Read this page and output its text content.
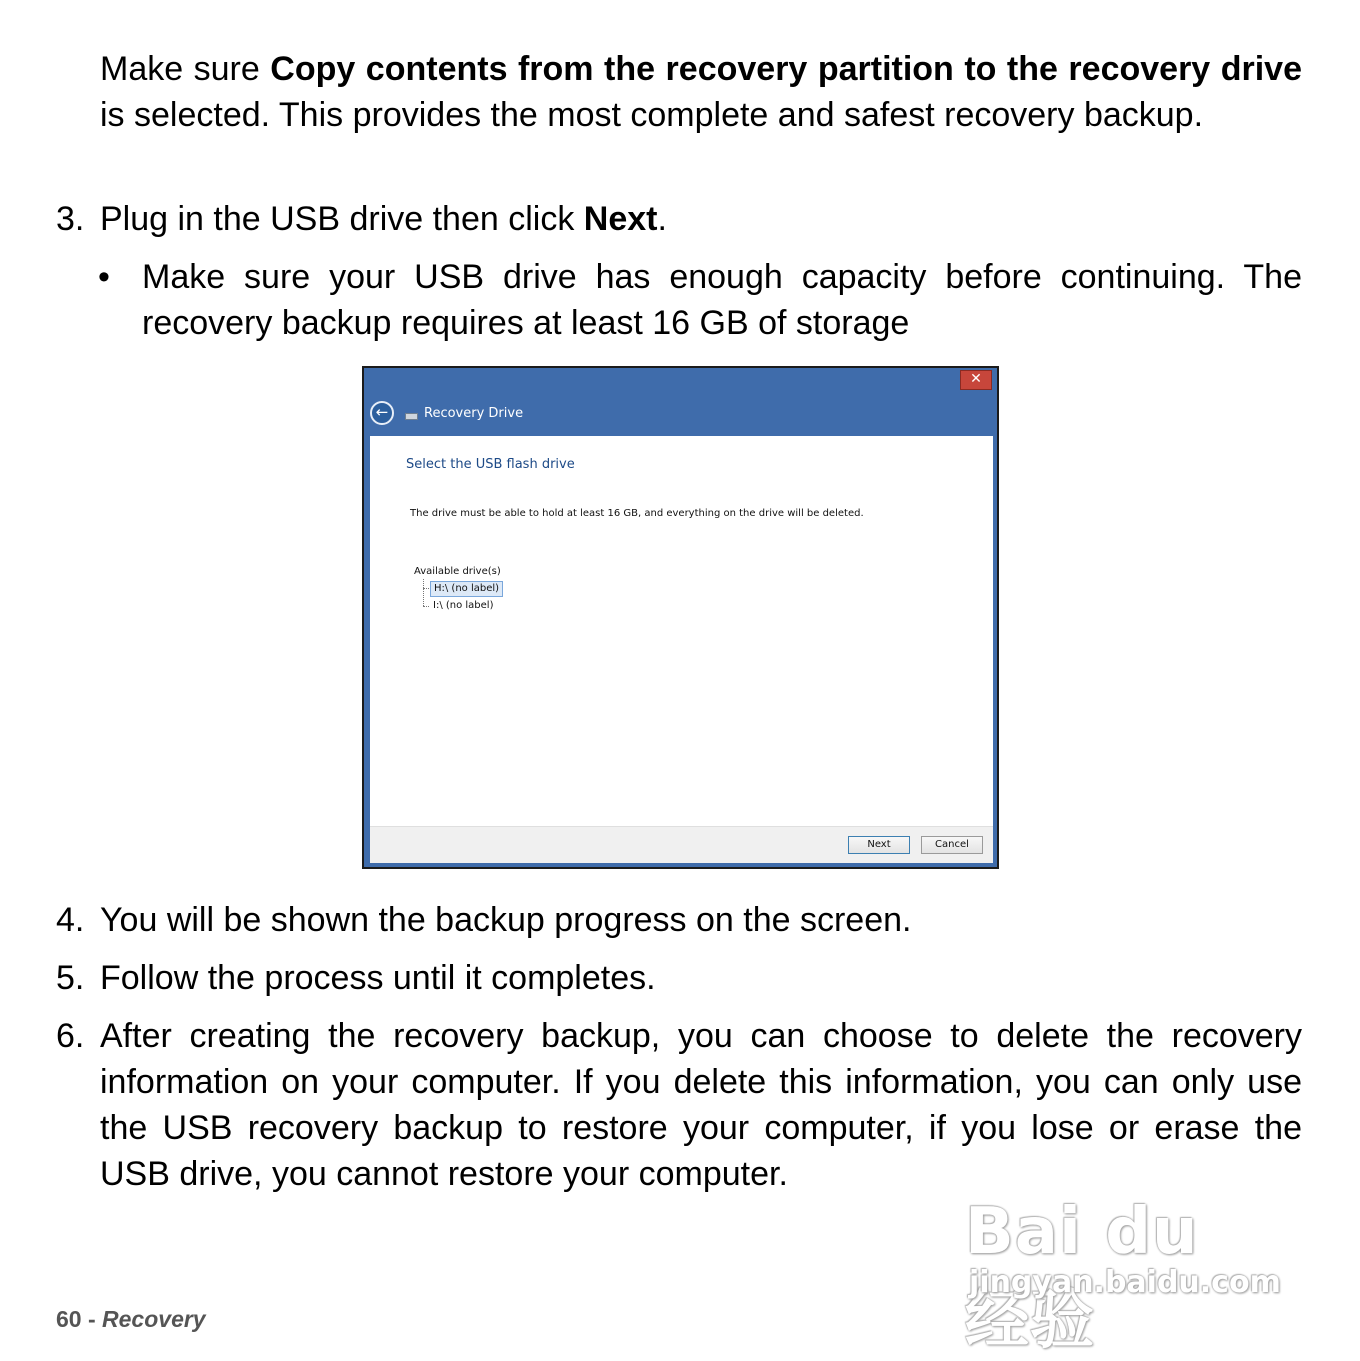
Make sure Copy contents from the recovery partition to the recovery drive is selected. This provides the most complete and safest recovery backup.
3. Plug in the USB drive then click Next.
• Make sure your USB drive has enough capacity before continuing. The recovery backup requires at least 16 GB of storage
✕
←	Recovery Drive
Select the USB flash drive
The drive must be able to hold at least 16 GB, and everything on the drive will be deleted.
Available drive(s)
H:\ (no label)
I:\ (no label)
Next	Cancel
4. You will be shown the backup progress on the screen.
5. Follow the process until it completes.
6. After creating the recovery backup, you can choose to delete the recovery information on your computer. If you delete this information, you can only use the USB recovery backup to restore your computer, if you lose or erase the USB drive, you cannot restore your computer.
Bai du 经验
jingyan.baidu.com
60 - Recovery
